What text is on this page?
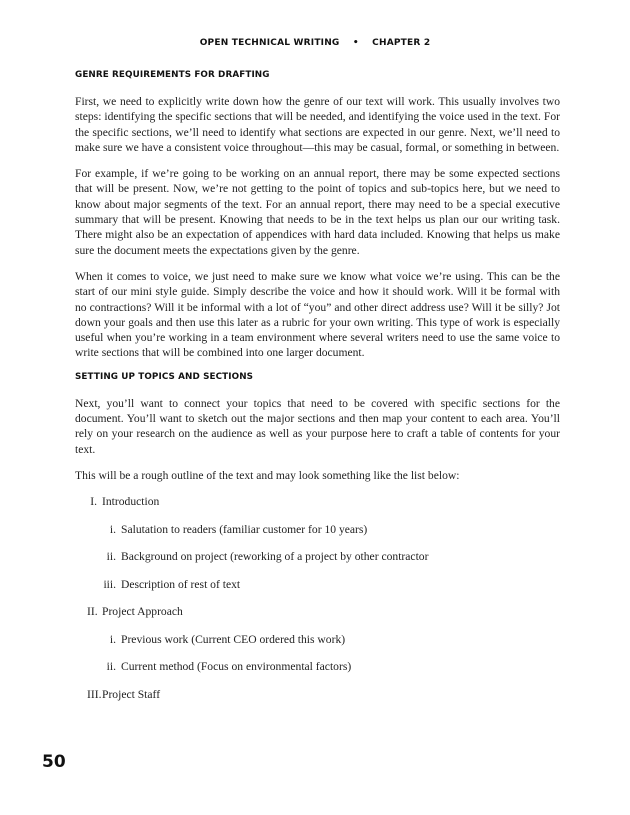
OPEN TECHNICAL WRITING • CHAPTER 2
GENRE REQUIREMENTS FOR DRAFTING

First, we need to explicitly write down how the genre of our text will work. This usually involves two steps: identifying the specific sections that will be needed, and identifying the voice used in the text. For the specific sections, we’ll need to identify what sections are expected in our genre. Next, we’ll need to make sure we have a consistent voice throughout—this may be casual, formal, or something in between.

For example, if we’re going to be working on an annual report, there may be some expected sections that will be present. Now, we’re not getting to the point of topics and sub-topics here, but we need to know about major segments of the text. For an annual report, there may need to be a special executive summary that will be present. Knowing that needs to be in the text helps us plan our our writing task. There might also be an expectation of appendices with hard data included. Knowing that helps us make sure the document meets the expectations given by the genre.

When it comes to voice, we just need to make sure we know what voice we’re using. This can be the start of our mini style guide. Simply describe the voice and how it should work. Will it be formal with no contractions? Will it be informal with a lot of “you” and other direct address use? Will it be silly? Jot down your goals and then use this later as a rubric for your own writing. This type of work is especially useful when you’re working in a team environment where several writers need to use the same voice to write sections that will be combined into one larger document.

SETTING UP TOPICS AND SECTIONS

Next, you’ll want to connect your topics that need to be covered with specific sections for the document. You’ll want to sketch out the major sections and then map your content to each area. You’ll rely on your research on the audience as well as your purpose here to craft a table of contents for your text.

This will be a rough outline of the text and may look something like the list below:

I. Introduction
i. Salutation to readers (familiar customer for 10 years)
ii. Background on project (reworking of a project by other contractor
iii. Description of rest of text
II. Project Approach
i. Previous work (Current CEO ordered this work)
ii. Current method (Focus on environmental factors)
III. Project Staff
50
